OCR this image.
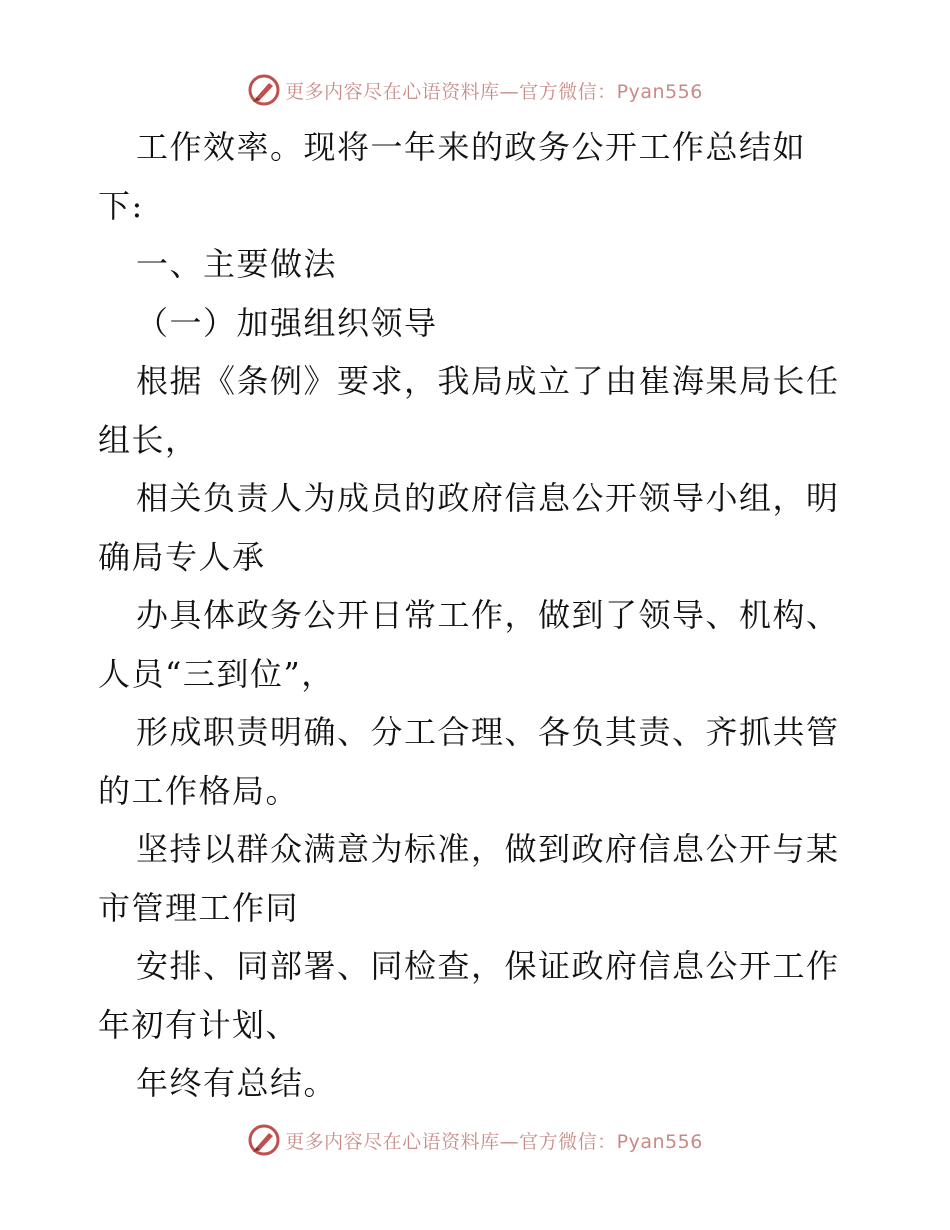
更多内容尽在心语资料库—官方微信：Pyan556
工作效率。现将一年来的政务公开工作总结如
下:
一、主要做法
（一）加强组织领导
根据《条例》要求，我局成立了由崔海果局长任
组长，
相关负责人为成员的政府信息公开领导小组，明
确局专人承
办具体政务公开日常工作，做到了领导、机构、
人员“三到位”，
形成职责明确、分工合理、各负其责、齐抓共管
的工作格局。
坚持以群众满意为标准，做到政府信息公开与某
市管理工作同
安排、同部署、同检查，保证政府信息公开工作
年初有计划、
年终有总结。
更多内容尽在心语资料库—官方微信：Pyan556
